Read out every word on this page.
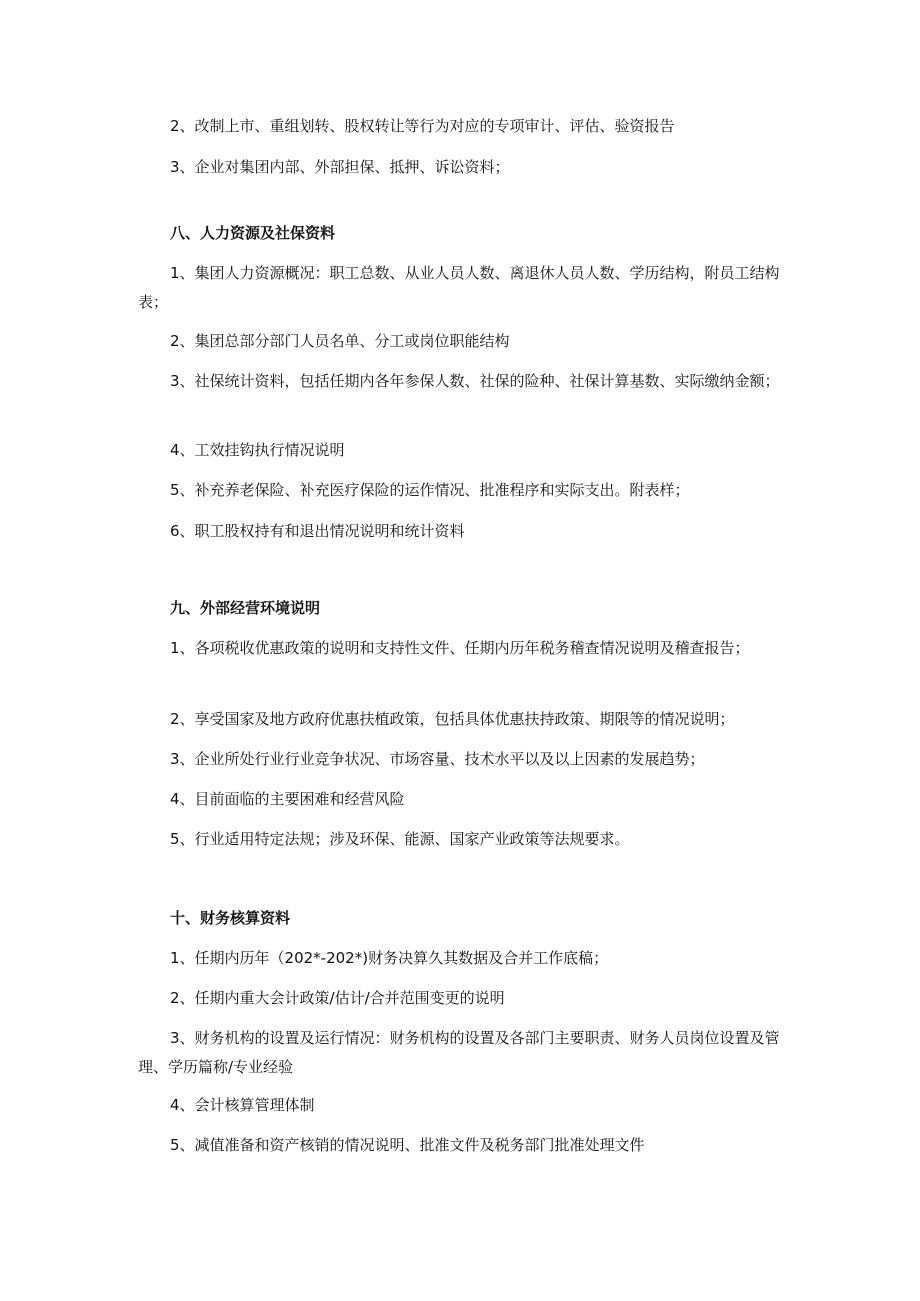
2、改制上市、重组划转、股权转让等行为对应的专项审计、评估、验资报告
3、企业对集团内部、外部担保、抵押、诉讼资料；
八、人力资源及社保资料
1、集团人力资源概况：职工总数、从业人员人数、离退休人员人数、学历结构，附员工结构表；
2、集团总部分部门人员名单、分工或岗位职能结构
3、社保统计资料，包括任期内各年参保人数、社保的险种、社保计算基数、实际缴纳金额；
4、工效挂钩执行情况说明
5、补充养老保险、补充医疗保险的运作情况、批准程序和实际支出。附表样；
6、职工股权持有和退出情况说明和统计资料
九、外部经营环境说明
1、各项税收优惠政策的说明和支持性文件、任期内历年税务稽查情况说明及稽查报告；
2、享受国家及地方政府优惠扶植政策，包括具体优惠扶持政策、期限等的情况说明；
3、企业所处行业行业竞争状况、市场容量、技术水平以及以上因素的发展趋势；
4、目前面临的主要困难和经营风险
5、行业适用特定法规；涉及环保、能源、国家产业政策等法规要求。
十、财务核算资料
1、任期内历年（202*-202*)财务决算久其数据及合并工作底稿；
2、任期内重大会计政策/估计/合并范围变更的说明
3、财务机构的设置及运行情况：财务机构的设置及各部门主要职责、财务人员岗位设置及管理、学历篇称/专业经验
4、会计核算管理体制
5、减值准备和资产核销的情况说明、批准文件及税务部门批准处理文件
